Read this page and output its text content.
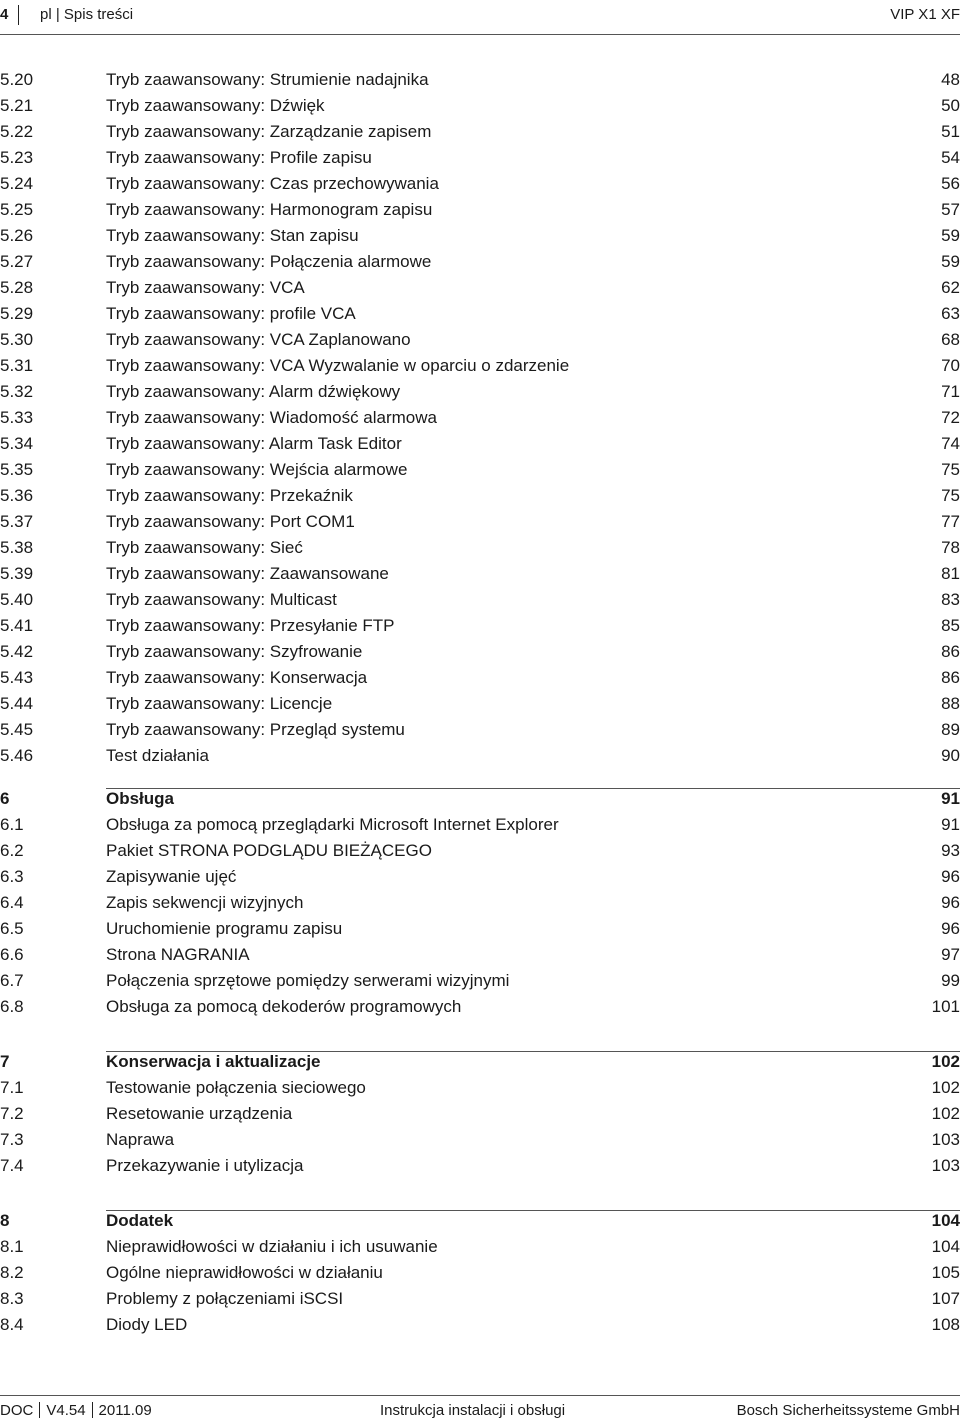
4 pl | Spis treści	VIP X1 XF
5.20	Tryb zaawansowany: Strumienie nadajnika	48
5.21	Tryb zaawansowany: Dźwięk	50
5.22	Tryb zaawansowany: Zarządzanie zapisem	51
5.23	Tryb zaawansowany: Profile zapisu	54
5.24	Tryb zaawansowany: Czas przechowywania	56
5.25	Tryb zaawansowany: Harmonogram zapisu	57
5.26	Tryb zaawansowany: Stan zapisu	59
5.27	Tryb zaawansowany: Połączenia alarmowe	59
5.28	Tryb zaawansowany: VCA	62
5.29	Tryb zaawansowany: profile VCA	63
5.30	Tryb zaawansowany: VCA Zaplanowano	68
5.31	Tryb zaawansowany: VCA Wyzwalanie w oparciu o zdarzenie	70
5.32	Tryb zaawansowany: Alarm dźwiękowy	71
5.33	Tryb zaawansowany: Wiadomość alarmowa	72
5.34	Tryb zaawansowany: Alarm Task Editor	74
5.35	Tryb zaawansowany: Wejścia alarmowe	75
5.36	Tryb zaawansowany: Przekaźnik	75
5.37	Tryb zaawansowany: Port COM1	77
5.38	Tryb zaawansowany: Sieć	78
5.39	Tryb zaawansowany: Zaawansowane	81
5.40	Tryb zaawansowany: Multicast	83
5.41	Tryb zaawansowany: Przesyłanie FTP	85
5.42	Tryb zaawansowany: Szyfrowanie	86
5.43	Tryb zaawansowany: Konserwacja	86
5.44	Tryb zaawansowany: Licencje	88
5.45	Tryb zaawansowany: Przegląd systemu	89
5.46	Test działania	90
6	Obsługa	91
6.1	Obsługa za pomocą przeglądarki Microsoft Internet Explorer	91
6.2	Pakiet STRONA PODGLĄDU BIEŻĄCEGO	93
6.3	Zapisywanie ujęć	96
6.4	Zapis sekwencji wizyjnych	96
6.5	Uruchomienie programu zapisu	96
6.6	Strona NAGRANIA	97
6.7	Połączenia sprzętowe pomiędzy serwerami wizyjnymi	99
6.8	Obsługa za pomocą dekoderów programowych	101
7	Konserwacja i aktualizacje	102
7.1	Testowanie połączenia sieciowego	102
7.2	Resetowanie urządzenia	102
7.3	Naprawa	103
7.4	Przekazywanie i utylizacja	103
8	Dodatek	104
8.1	Nieprawidłowości w działaniu i ich usuwanie	104
8.2	Ogólne nieprawidłowości w działaniu	105
8.3	Problemy z połączeniami iSCSI	107
8.4	Diody LED	108
DOC V4.54 2011.09	Instrukcja instalacji i obsługi	Bosch Sicherheitssysteme GmbH
